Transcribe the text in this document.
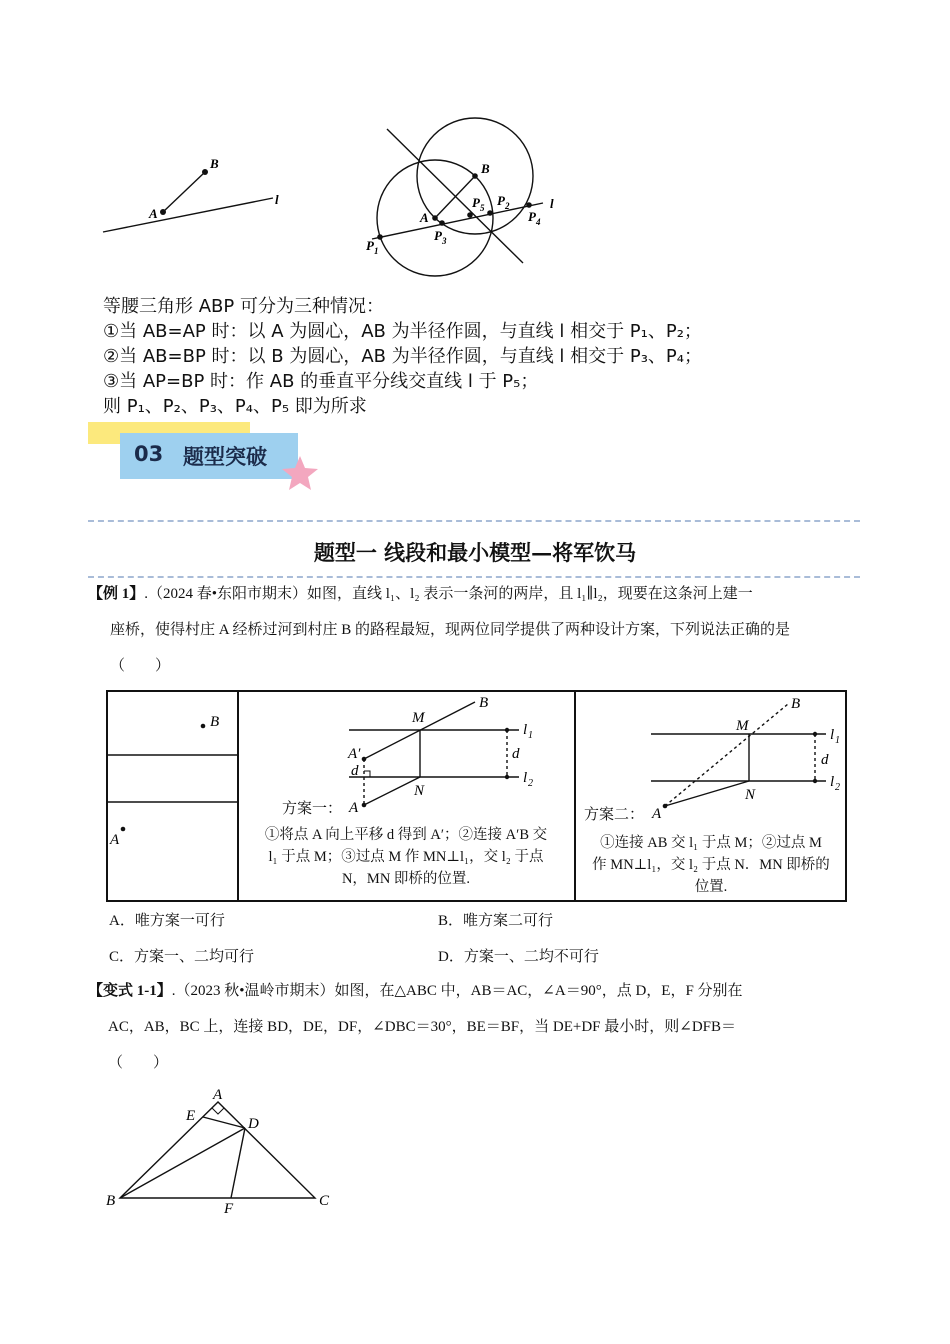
B
A
l
B
A
l
P 1
P 2
P 3
P 4
P 5
等腰三角形 ABP 可分为三种情况：
①当 AB=AP 时：以 A 为圆心，AB 为半径作圆，与直线 l 相交于 P₁、P₂；
②当 AB=BP 时：以 B 为圆心，AB 为半径作圆，与直线 l 相交于 P₃、P₄；
③当 AP=BP 时：作 AB 的垂直平分线交直线 l 于 P₅；
则 P₁、P₂、P₃、P₄、P₅ 即为所求
03 题型突破
题型一 线段和最小模型—将军饮马
【例 1】.（2024 春•东阳市期末）如图，直线 l₁、l₂ 表示一条河的两岸，且 l₁∥l₂，现要在这条河上建一
座桥，使得村庄 A 经桥过河到村庄 B 的路程最短，现两位同学提供了两种设计方案，下列说法正确的是
（　　）
B
A
M
B
l 1
l 2
A′
d
d
N
A
方案一：
①将点 A 向上平移 d 得到 A′；②连接 A′B 交
l₁ 于点 M；③过点 M 作 MN⊥l₁，交 l₂ 于点
N，MN 即桥的位置.
M
B
l 1
l 2
d
N
A
方案二：
①连接 AB 交 l₁ 于点 M；②过点 M
作 MN⊥l₁，交 l₂ 于点 N．MN 即桥的
位置.
A．唯方案一可行	B．唯方案二可行
C．方案一、二均可行	D．方案一、二均不可行
【变式 1-1】.（2023 秋•温岭市期末）如图，在△ABC 中，AB＝AC，∠A＝90°，点 D，E，F 分别在
AC，AB，BC 上，连接 BD，DE，DF，∠DBC＝30°，BE＝BF，当 DE+DF 最小时，则∠DFB＝
（　　）
A
E	D
B	F	C
